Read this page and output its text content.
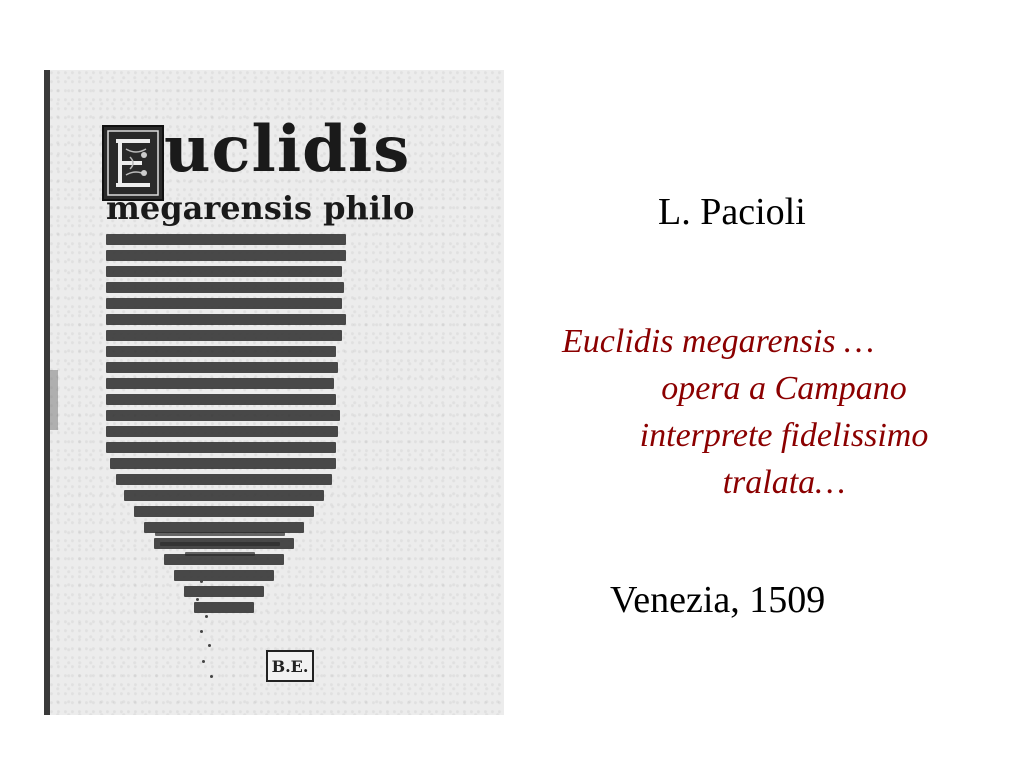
uclidis
megarensis philo
B.E.
L. Pacioli
Euclidis megarensis …
opera a Campano
interprete fidelissimo
tralata…
Venezia, 1509
